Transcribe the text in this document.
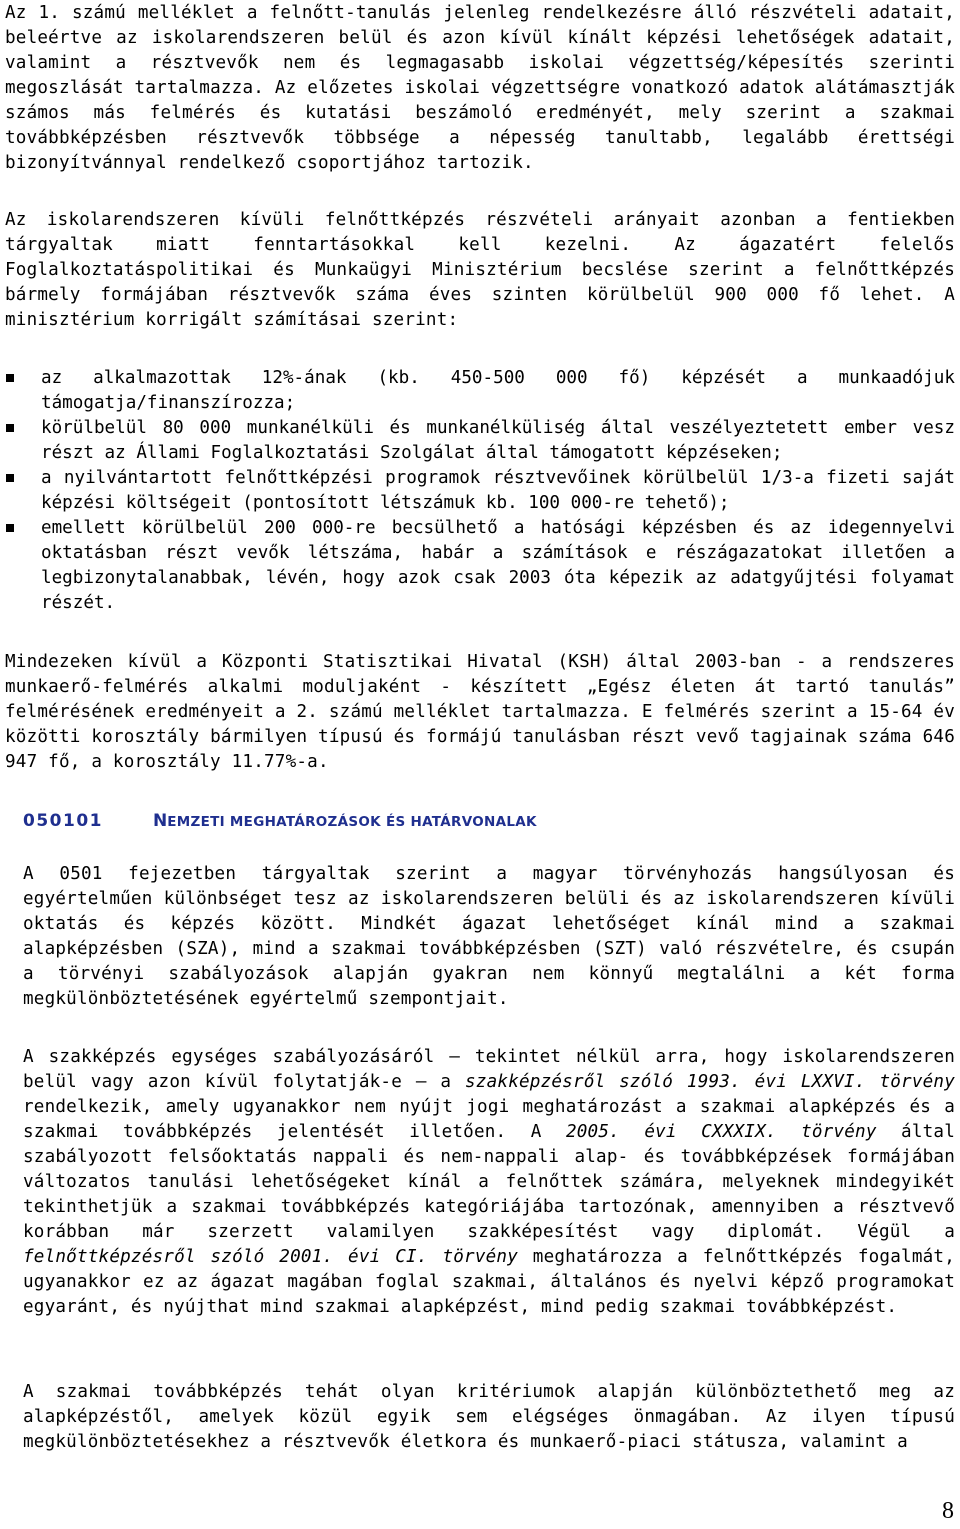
Az 1. számú melléklet a felnőtt-tanulás jelenleg rendelkezésre álló részvételi adatait, beleértve az iskolarendszeren belül és azon kívül kínált képzési lehetőségek adatait, valamint a résztvevők nem és legmagasabb iskolai végzettség/képesítés szerinti megoszlását tartalmazza. Az előzetes iskolai végzettségre vonatkozó adatok alátámasztják számos más felmérés és kutatási beszámoló eredményét, mely szerint a szakmai továbbképzésben résztvevők többsége a népesség tanultabb, legalább érettségi bizonyítvánnyal rendelkező csoportjához tartozik.

Az iskolarendszeren kívüli felnőttképzés részvételi arányait azonban a fentiekben tárgyaltak miatt fenntartásokkal kell kezelni. Az ágazatért felelős Foglalkoztatáspolitikai és Munkaügyi Minisztérium becslése szerint a felnőttképzés bármely formájában résztvevők száma éves szinten körülbelül 900 000 fő lehet. A minisztérium korrigált számításai szerint:

az alkalmazottak 12%-ának (kb. 450-500 000 fő) képzését a munkaadójuk támogatja/finanszírozza;
körülbelül 80 000 munkanélküli és munkanélküliség által veszélyeztetett ember vesz részt az Állami Foglalkoztatási Szolgálat által támogatott képzéseken;
a nyilvántartott felnőttképzési programok résztvevőinek körülbelül 1/3-a fizeti saját képzési költségeit (pontosított létszámuk kb. 100 000-re tehető);
emellett körülbelül 200 000-re becsülhető a hatósági képzésben és az idegennyelvi oktatásban részt vevők létszáma, habár a számítások e részágazatokat illetően a legbizonytalanabbak, lévén, hogy azok csak 2003 óta képezik az adatgyűjtési folyamat részét.

Mindezeken kívül a Központi Statisztikai Hivatal (KSH) által 2003-ban - a rendszeres munkaerő-felmérés alkalmi moduljaként - készített „Egész életen át tartó tanulás” felmérésének eredményeit a 2. számú melléklet tartalmazza. E felmérés szerint a 15-64 év közötti korosztály bármilyen típusú és formájú tanulásban részt vevő tagjainak száma 646 947 fő, a korosztály 11.77%-a.

050101	NEMZETI MEGHATÁROZÁSOK ÉS HATÁRVONALAK

A 0501 fejezetben tárgyaltak szerint a magyar törvényhozás hangsúlyosan és egyértelműen különbséget tesz az iskolarendszeren belüli és az iskolarendszeren kívüli oktatás és képzés között. Mindkét ágazat lehetőséget kínál mind a szakmai alapképzésben (SZA), mind a szakmai továbbképzésben (SZT) való részvételre, és csupán a törvényi szabályozások alapján gyakran nem könnyű megtalálni a két forma megkülönböztetésének egyértelmű szempontjait.

A szakképzés egységes szabályozásáról — tekintet nélkül arra, hogy iskolarendszeren belül vagy azon kívül folytatják-e — a szakképzésről szóló 1993. évi LXXVI. törvény rendelkezik, amely ugyanakkor nem nyújt jogi meghatározást a szakmai alapképzés és a szakmai továbbképzés jelentését illetően. A 2005. évi CXXXIX. törvény által szabályozott felsőoktatás nappali és nem-nappali alap- és továbbképzések formájában változatos tanulási lehetőségeket kínál a felnőttek számára, melyeknek mindegyikét tekinthetjük a szakmai továbbképzés kategóriájába tartozónak, amennyiben a résztvevő korábban már szerzett valamilyen szakképesítést vagy diplomát. Végül a felnőttképzésről szóló 2001. évi CI. törvény meghatározza a felnőttképzés fogalmát, ugyanakkor ez az ágazat magában foglal szakmai, általános és nyelvi képző programokat egyaránt, és nyújthat mind szakmai alapképzést, mind pedig szakmai továbbképzést.

A szakmai továbbképzés tehát olyan kritériumok alapján különböztethető meg az alapképzéstől, amelyek közül egyik sem elégséges önmagában. Az ilyen típusú megkülönböztetésekhez a résztvevők életkora és munkaerő-piaci státusza, valamint a

8
